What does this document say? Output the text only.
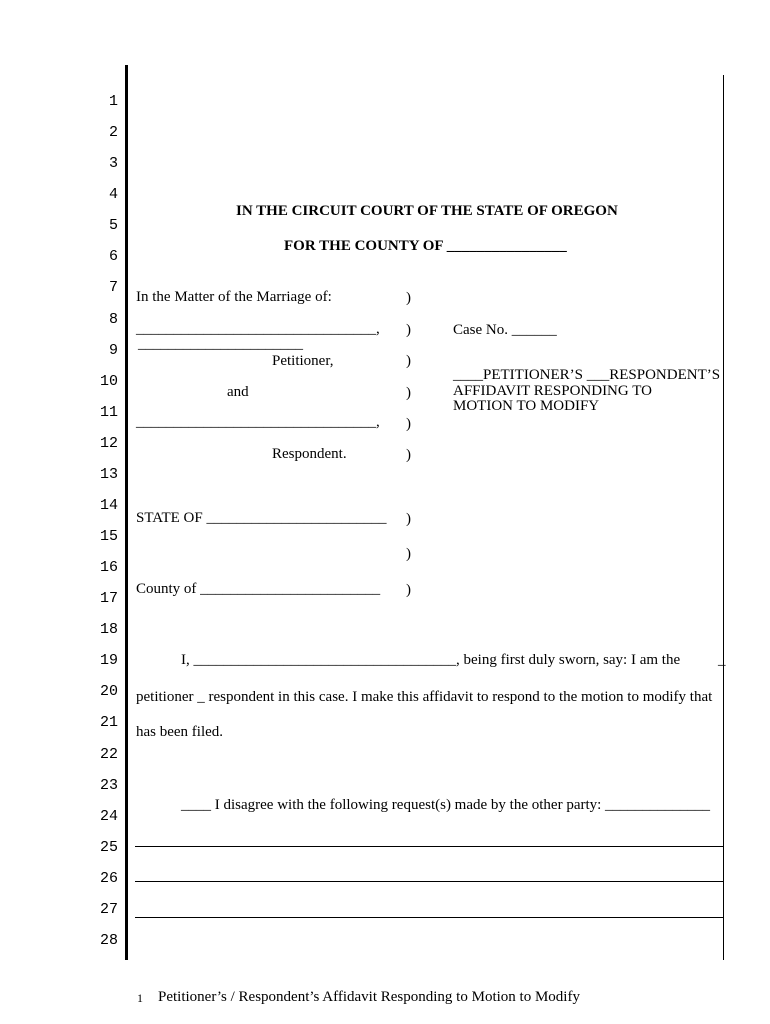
1
2
3
4
5
6
7
8
9
10
11
12
13
14
15
16
17
18
19
20
21
22
23
24
25
26
27
28
IN THE CIRCUIT COURT OF THE STATE OF OREGON
FOR THE COUNTY OF ________________
In the Matter of the Marriage of:
________________________________,
______________________
Petitioner,
and
________________________________,
Respondent.
)
)
)
)
)
)
)
)
)
Case No. ______
____PETITIONER’S ___RESPONDENT’S
AFFIDAVIT RESPONDING TO
MOTION TO MODIFY
STATE OF ________________________
County of ________________________
I, ___________________________________, being first duly sworn, say: I am the	_
petitioner _ respondent in this case. I make this affidavit to respond to the motion to modify that
has been filed.
____ I disagree with the following request(s) made by the other party: ______________
1 Petitioner’s / Respondent’s Affidavit Responding to Motion to Modify
